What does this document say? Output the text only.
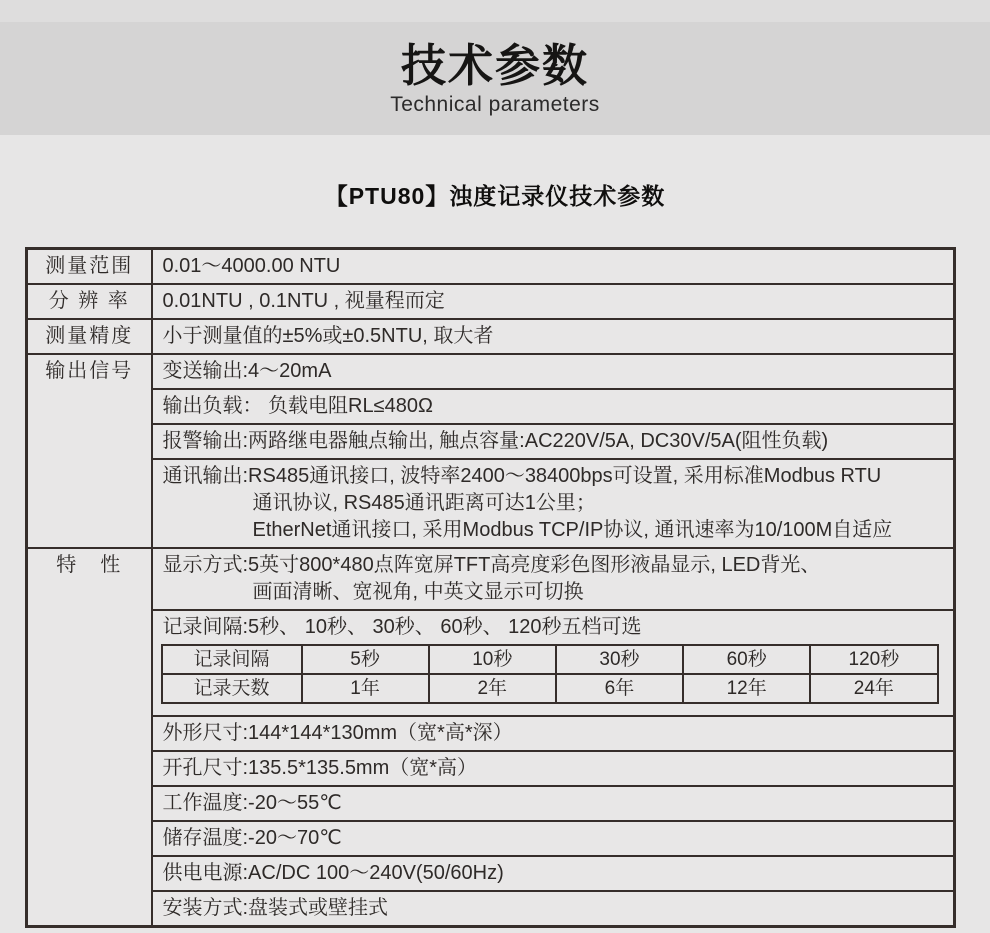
技术参数
Technical parameters
【PTU80】浊度记录仪技术参数
测量范围	0.01～4000.00 NTU
分 辨 率	0.01NTU , 0.1NTU , 视量程而定
测量精度	小于测量值的±5%或±0.5NTU, 取大者
输出信号	变送输出:4～20mA
输出负载： 负载电阻RL≤480Ω
报警输出:两路继电器触点输出, 触点容量:AC220V/5A, DC30V/5A(阻性负载)

通讯输出:RS485通讯接口, 波特率2400～38400bps可设置, 采用标准Modbus RTU
通讯协议, RS485通讯距离可达1公里；
EtherNet通讯接口, 采用Modbus TCP/IP协议, 通讯速率为10/100M自适应

特　性	显示方式:5英寸800*480点阵宽屏TFT高亮度彩色图形液晶显示, LED背光、
画面清晰、宽视角, 中英文显示可切换

记录间隔:5秒、 10秒、 30秒、 60秒、 120秒五档可选
记录间隔	5秒	10秒	30秒	60秒	120秒
记录天数	1年	2年	6年	12年	24年

外形尺寸:144*144*130mm（宽*高*深）
开孔尺寸:135.5*135.5mm（宽*高）
工作温度:-20～55℃
储存温度:-20～70℃
供电电源:AC/DC 100～240V(50/60Hz)
安装方式:盘装式或壁挂式
